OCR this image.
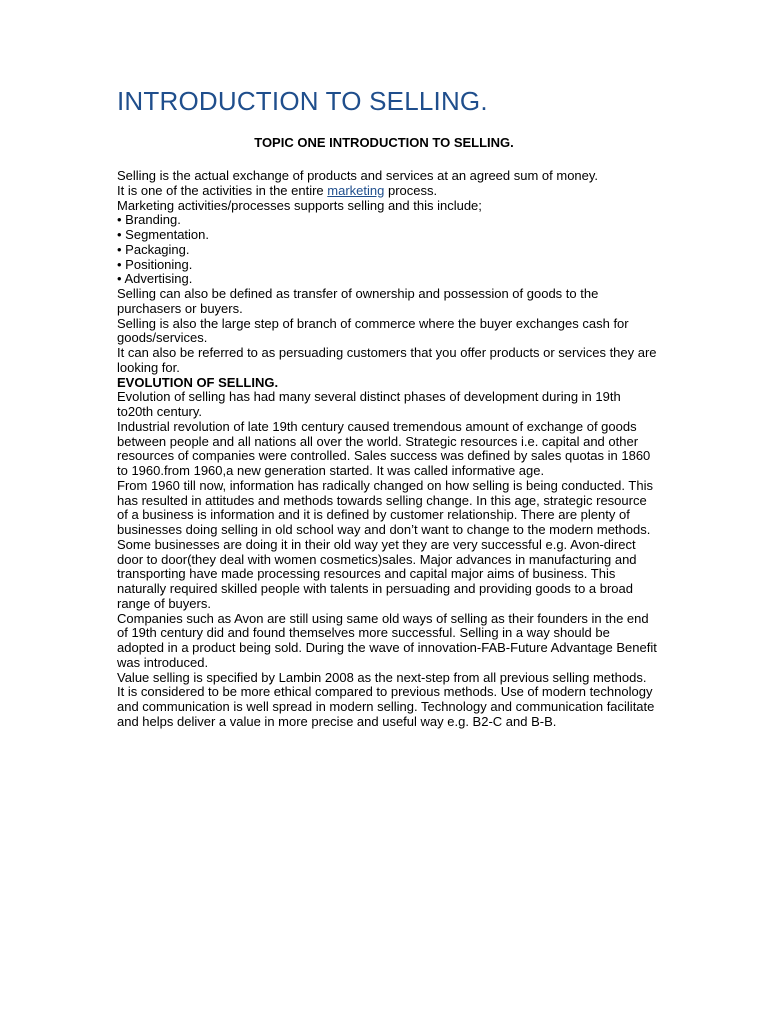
INTRODUCTION TO SELLING.

TOPIC ONE INTRODUCTION TO SELLING.

Selling is the actual exchange of products and services at an agreed sum of money.

It is one of the activities in the entire marketing process.

Marketing activities/processes supports selling and this include;

• Branding.

• Segmentation.

• Packaging.

• Positioning.

• Advertising.

Selling can also be defined as transfer of ownership and possession of goods to the purchasers or buyers.

Selling is also the large step of branch of commerce where the buyer exchanges cash for goods/services.

It can also be referred to as persuading customers that you offer products or services they are looking for.

EVOLUTION OF SELLING.

Evolution of selling has had many several distinct phases of development during in 19th to20th century.

Industrial revolution of late 19th century caused tremendous amount of exchange of goods between people and all nations all over the world. Strategic resources i.e. capital and other resources of companies were controlled. Sales success was defined by sales quotas in 1860 to 1960.from 1960,a new generation started. It was called informative age.

From 1960 till now, information has radically changed on how selling is being conducted. This has resulted in attitudes and methods towards selling change. In this age, strategic resource of a business is information and it is defined by customer relationship. There are plenty of businesses doing selling in old school way and don’t want to change to the modern methods.

Some businesses are doing it in their old way yet they are very successful e.g. Avon-direct door to door(they deal with women cosmetics)sales. Major advances in manufacturing and transporting have made processing resources and capital major aims of business. This naturally required skilled people with talents in persuading and providing goods to a broad range of buyers.

Companies such as Avon are still using same old ways of selling as their founders in the end of 19th century did and found themselves more successful. Selling in a way should be adopted in a product being sold. During the wave of innovation-FAB-Future Advantage Benefit was introduced.

Value selling is specified by Lambin 2008 as the next-step from all previous selling methods. It is considered to be more ethical compared to previous methods. Use of modern technology and communication is well spread in modern selling. Technology and communication facilitate and helps deliver a value in more precise and useful way e.g. B2-C and B-B.
